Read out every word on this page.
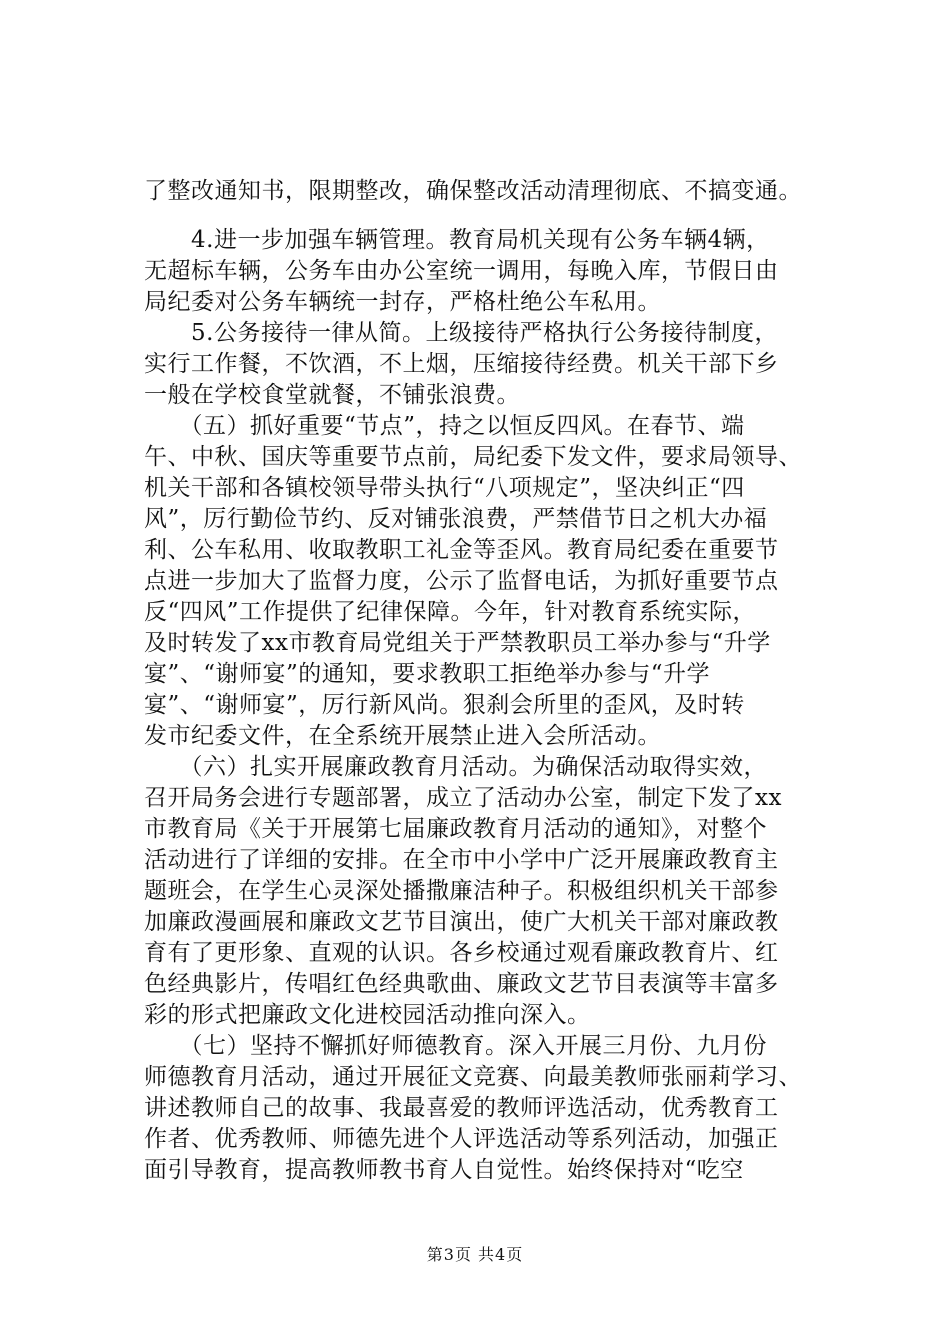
了整改通知书，限期整改，确保整改活动清理彻底、不搞变通。
　　4.进一步加强车辆管理。教育局机关现有公务车辆4辆，
无超标车辆，公务车由办公室统一调用，每晚入库，节假日由
局纪委对公务车辆统一封存，严格杜绝公车私用。
　　5.公务接待一律从简。上级接待严格执行公务接待制度，
实行工作餐，不饮酒，不上烟，压缩接待经费。机关干部下乡
一般在学校食堂就餐，不铺张浪费。
　　（五）抓好重要“节点”，持之以恒反四风。在春节、端
午、中秋、国庆等重要节点前，局纪委下发文件，要求局领导、
机关干部和各镇校领导带头执行“八项规定”，坚决纠正“四
风”，厉行勤俭节约、反对铺张浪费，严禁借节日之机大办福
利、公车私用、收取教职工礼金等歪风。教育局纪委在重要节
点进一步加大了监督力度，公示了监督电话，为抓好重要节点
反“四风”工作提供了纪律保障。今年，针对教育系统实际，
及时转发了xx市教育局党组关于严禁教职员工举办参与“升学
宴”、“谢师宴”的通知，要求教职工拒绝举办参与“升学
宴”、“谢师宴”，厉行新风尚。狠刹会所里的歪风，及时转
发市纪委文件，在全系统开展禁止进入会所活动。
　　（六）扎实开展廉政教育月活动。为确保活动取得实效，
召开局务会进行专题部署，成立了活动办公室，制定下发了xx
市教育局《关于开展第七届廉政教育月活动的通知》，对整个
活动进行了详细的安排。在全市中小学中广泛开展廉政教育主
题班会，在学生心灵深处播撒廉洁种子。积极组织机关干部参
加廉政漫画展和廉政文艺节目演出，使广大机关干部对廉政教
育有了更形象、直观的认识。各乡校通过观看廉政教育片、红
色经典影片，传唱红色经典歌曲、廉政文艺节目表演等丰富多
彩的形式把廉政文化进校园活动推向深入。
　　（七）坚持不懈抓好师德教育。深入开展三月份、九月份
师德教育月活动，通过开展征文竞赛、向最美教师张丽莉学习、
讲述教师自己的故事、我最喜爱的教师评选活动，优秀教育工
作者、优秀教师、师德先进个人评选活动等系列活动，加强正
面引导教育，提高教师教书育人自觉性。始终保持对“吃空
第3页 共4页
